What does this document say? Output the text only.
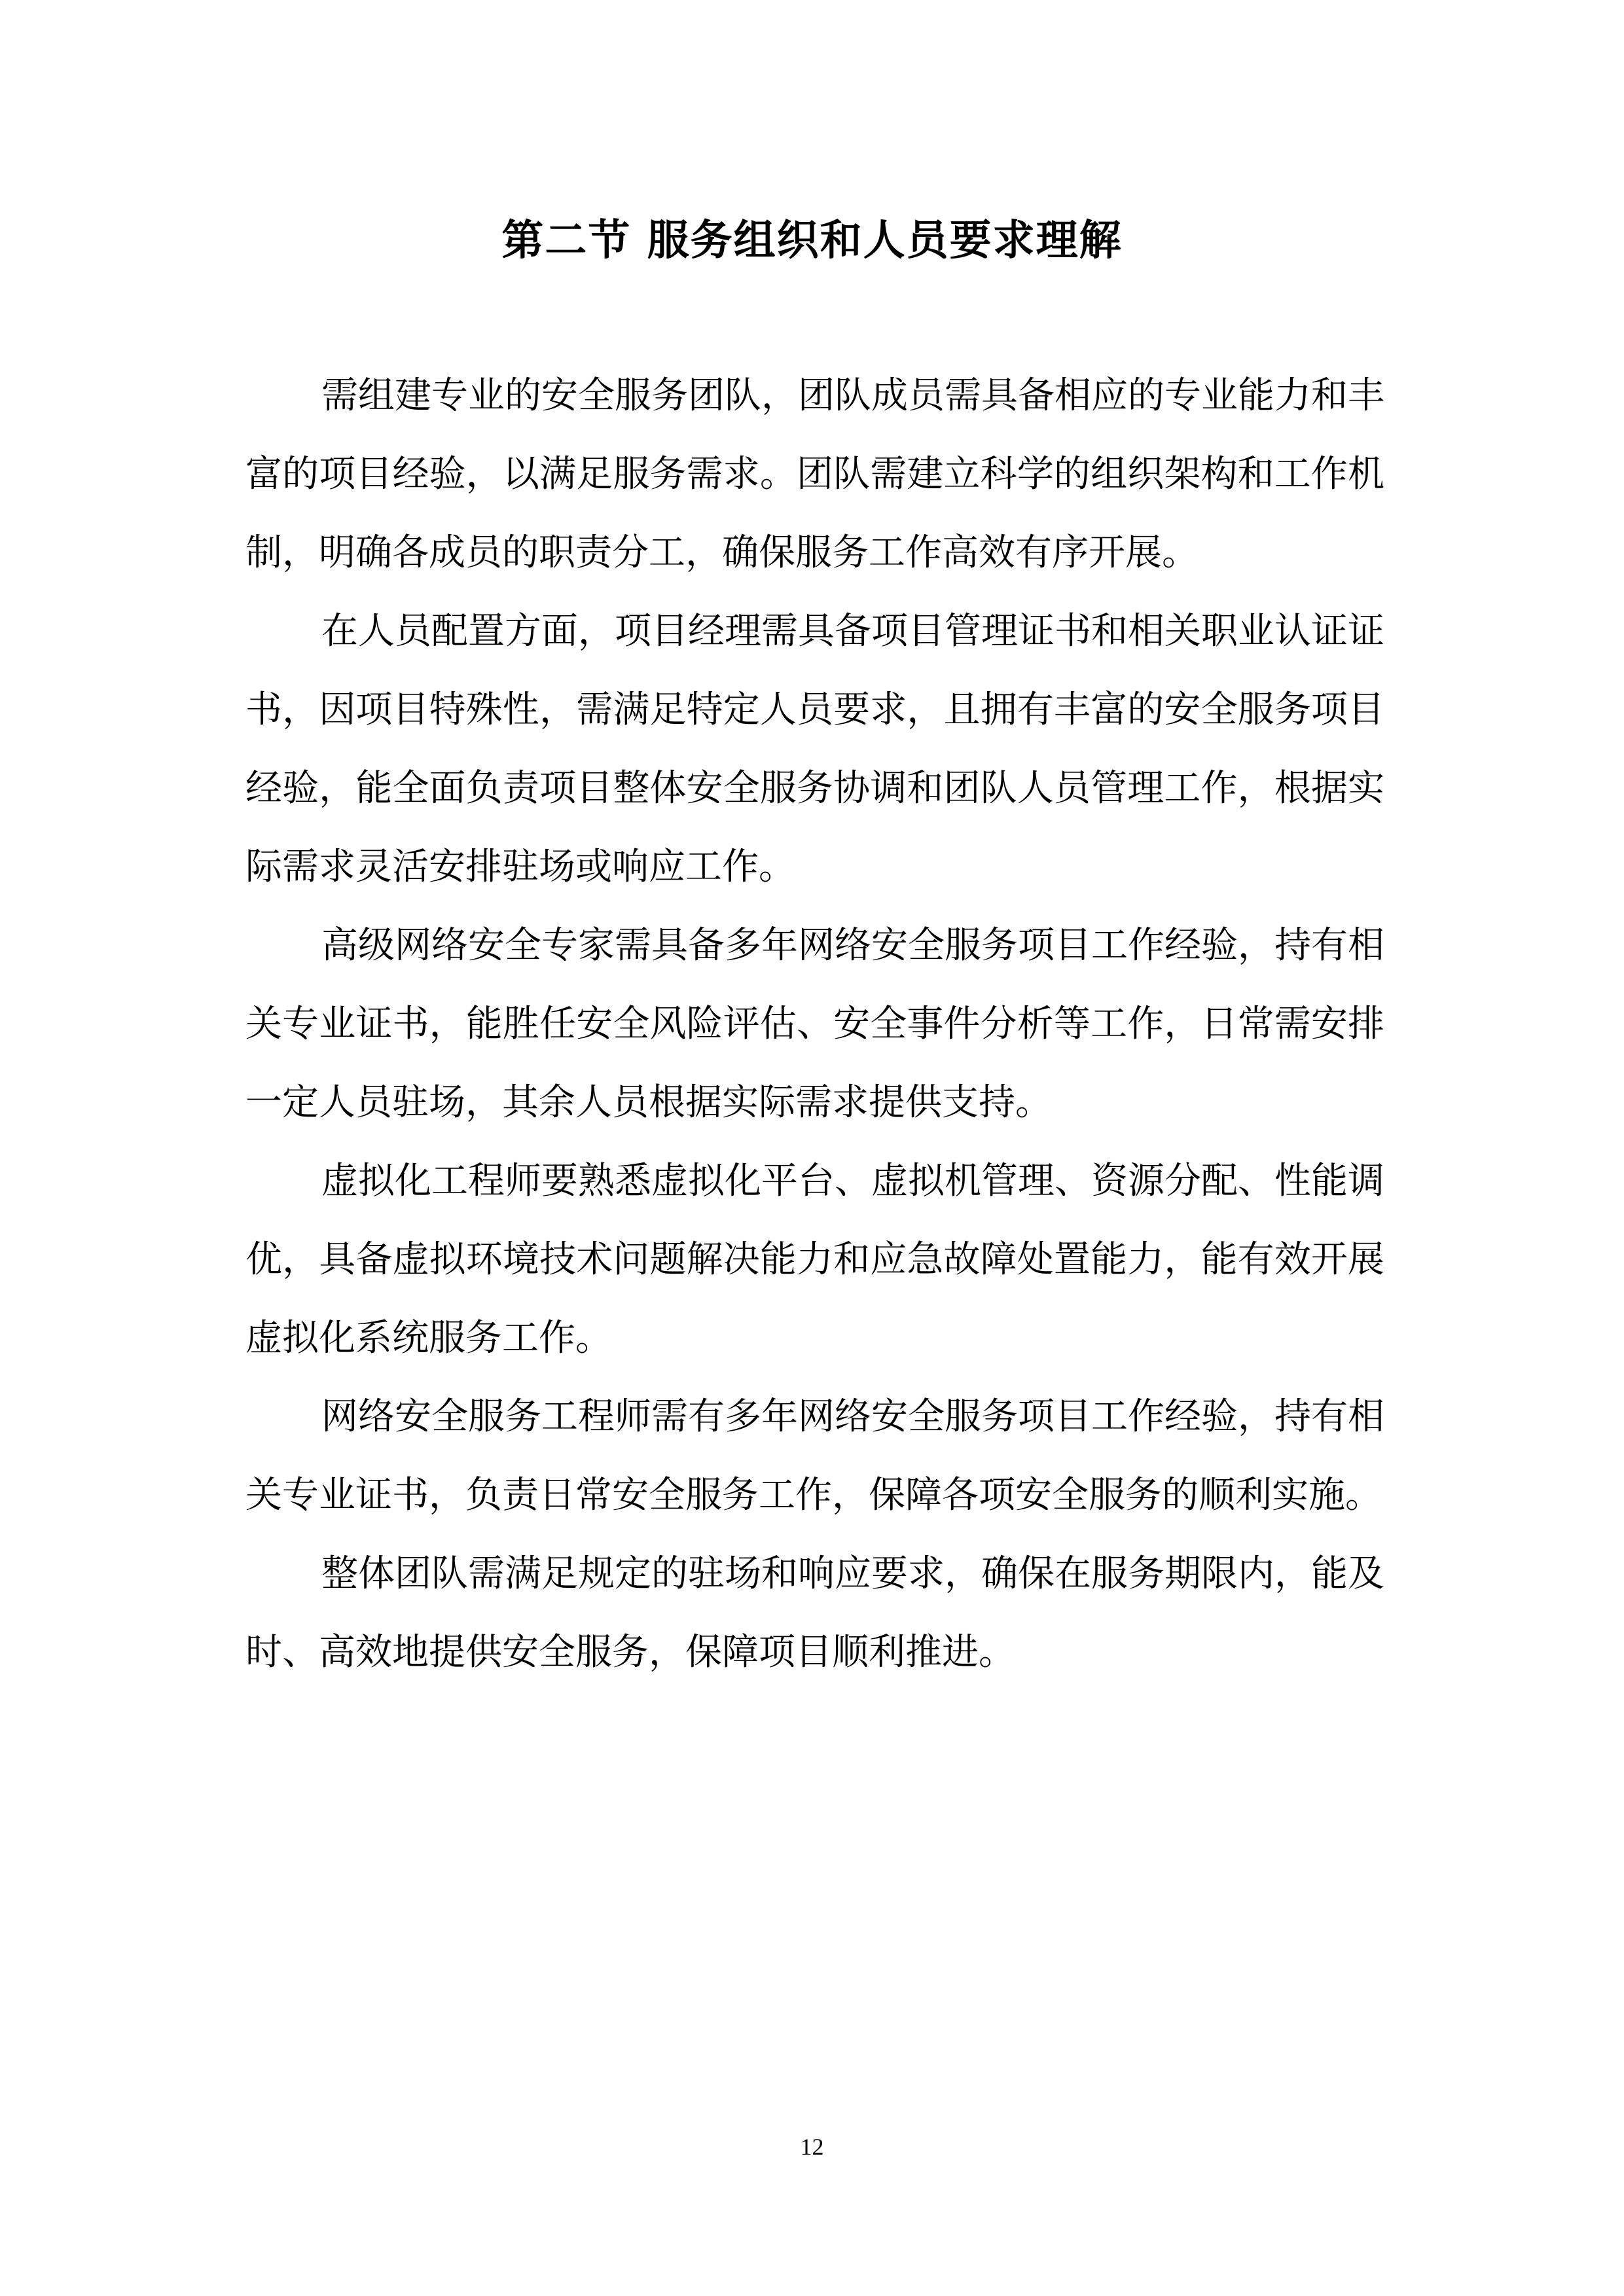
第二节 服务组织和人员要求理解

需组建专业的安全服务团队，团队成员需具备相应的专业能力和丰富的项目经验，以满足服务需求。团队需建立科学的组织架构和工作机制，明确各成员的职责分工，确保服务工作高效有序开展。

在人员配置方面，项目经理需具备项目管理证书和相关职业认证证书，因项目特殊性，需满足特定人员要求，且拥有丰富的安全服务项目经验，能全面负责项目整体安全服务协调和团队人员管理工作，根据实际需求灵活安排驻场或响应工作。

高级网络安全专家需具备多年网络安全服务项目工作经验，持有相关专业证书，能胜任安全风险评估、安全事件分析等工作，日常需安排一定人员驻场，其余人员根据实际需求提供支持。

虚拟化工程师要熟悉虚拟化平台、虚拟机管理、资源分配、性能调优，具备虚拟环境技术问题解决能力和应急故障处置能力，能有效开展虚拟化系统服务工作。

网络安全服务工程师需有多年网络安全服务项目工作经验，持有相关专业证书，负责日常安全服务工作，保障各项安全服务的顺利实施。

整体团队需满足规定的驻场和响应要求，确保在服务期限内，能及时、高效地提供安全服务，保障项目顺利推进。

12
